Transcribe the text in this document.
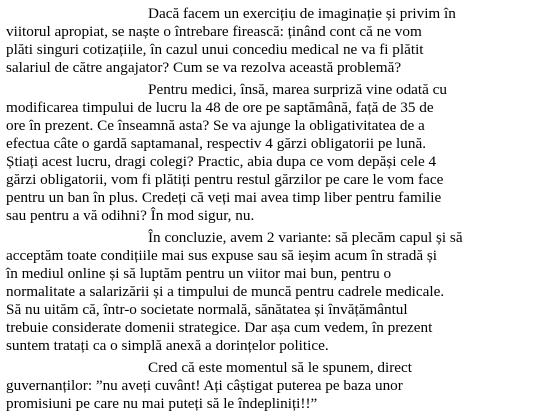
Dacă facem un exercițiu de imaginație și privim în
viitorul apropiat, se naște o întrebare firească: ținând cont că ne vom
plăti singuri cotizațiile, în cazul unui concediu medical ne va fi plătit
salariul de către angajator? Cum se va rezolva această problemă?
Pentru medici, însă, marea surpriză vine odată cu
modificarea timpului de lucru la 48 de ore pe saptămână, față de 35 de
ore în prezent. Ce înseamnă asta? Se va ajunge la obligativitatea de a
efectua câte o gardă saptamanal, respectiv 4 gărzi obligatorii pe lună.
Știați acest lucru, dragi colegi? Practic, abia dupa ce vom depăși cele 4
gărzi obligatorii, vom fi plătiți pentru restul gărzilor pe care le vom face
pentru un ban în plus. Credeți că veți mai avea timp liber pentru familie
sau pentru a vă odihni? În mod sigur, nu.
În concluzie, avem 2 variante: să plecăm capul și să
acceptăm toate condițiile mai sus expuse sau să ieșim acum în stradă și
în mediul online și să luptăm pentru un viitor mai bun, pentru o
normalitate a salarizării și a timpului de muncă pentru cadrele medicale.
Să nu uităm că, într-o societate normală, sănătatea și învățământul
trebuie considerate domenii strategice. Dar așa cum vedem, în prezent
suntem tratați ca o simplă anexă a dorințelor politice.
Cred că este momentul să le spunem, direct
guvernanților: ”nu aveți cuvânt! Ați câștigat puterea pe baza unor
promisiuni pe care nu mai puteți să le îndepliniți!!”
